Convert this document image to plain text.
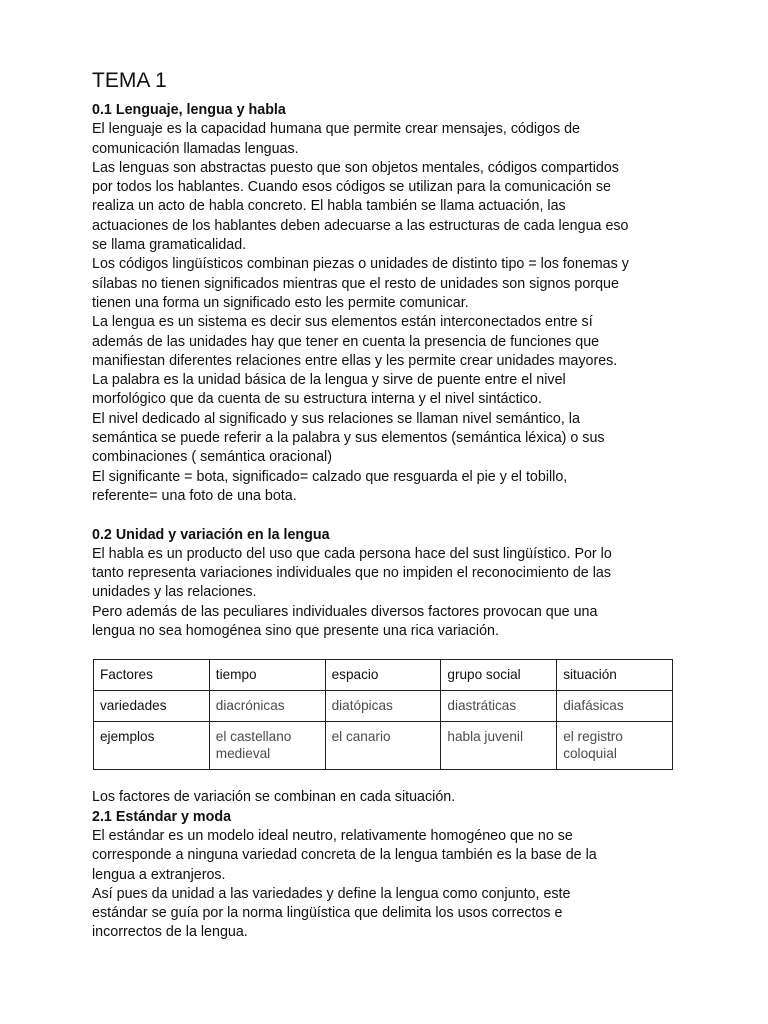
TEMA 1
0.1 Lenguaje, lengua y habla
El lenguaje es la capacidad humana que permite crear mensajes, códigos de
comunicación llamadas lenguas.
Las lenguas son abstractas puesto que son objetos mentales, códigos compartidos
por todos los hablantes. Cuando esos códigos se utilizan para la comunicación se
realiza un acto de habla concreto. El habla también se llama actuación, las
actuaciones de los hablantes deben adecuarse a las estructuras de cada lengua eso
se llama gramaticalidad.
Los códigos lingüísticos combinan piezas o unidades de distinto tipo = los fonemas y
sílabas no tienen significados mientras que el resto de unidades son signos porque
tienen una forma un significado esto les permite comunicar.
La lengua es un sistema es decir sus elementos están interconectados entre sí
además de las unidades hay que tener en cuenta la presencia de funciones que
manifiestan diferentes relaciones entre ellas y les permite crear unidades mayores.
La palabra es la unidad básica de la lengua y sirve de puente entre el nivel
morfológico que da cuenta de su estructura interna y el nivel sintáctico.
El nivel dedicado al significado y sus relaciones se llaman nivel semántico, la
semántica se puede referir a la palabra y sus elementos (semántica léxica) o sus
combinaciones ( semántica oracional)
El significante = bota, significado= calzado que resguarda el pie y el tobillo,
referente= una foto de una bota.
0.2 Unidad y variación en la lengua
El habla es un producto del uso que cada persona hace del sust lingüístico. Por lo
tanto representa variaciones individuales que no impiden el reconocimiento de las
unidades y las relaciones.
Pero además de las peculiares individuales diversos factores provocan que una
lengua no sea homogénea sino que presente una rica variación.
Factores	tiempo	espacio	grupo social	situación
variedades	diacrónicas	diatópicas	diastráticas	diafásicas
ejemplos	el castellano medieval	el canario	habla juvenil	el registro coloquial
Los factores de variación se combinan en cada situación.
2.1 Estándar y moda
El estándar es un modelo ideal neutro, relativamente homogéneo que no se
corresponde a ninguna variedad concreta de la lengua también es la base de la
lengua a extranjeros.
Así pues da unidad a las variedades y define la lengua como conjunto, este
estándar se guía por la norma lingüística que delimita los usos correctos e
incorrectos de la lengua.
